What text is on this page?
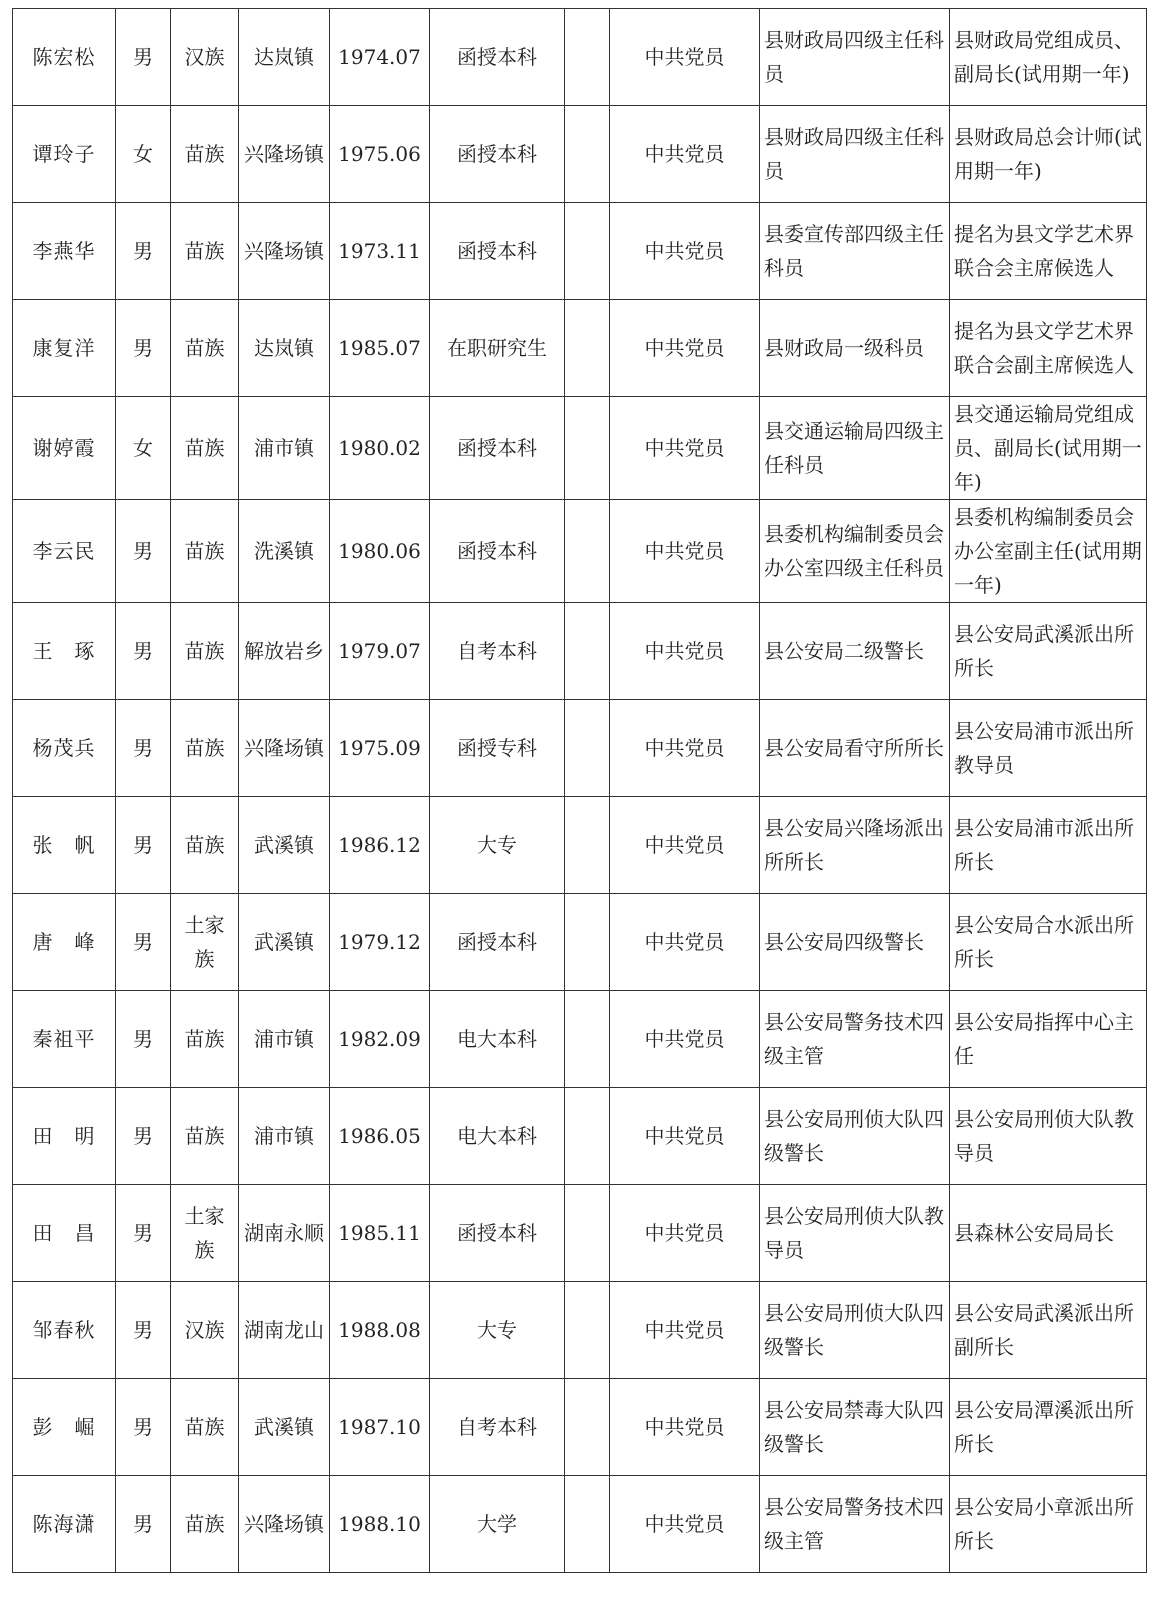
陈宏松	男	汉族	达岚镇	1974.07	函授本科		中共党员	县财政局四级主任科员	县财政局党组成员、副局长(试用期一年)
谭玲子	女	苗族	兴隆场镇	1975.06	函授本科		中共党员	县财政局四级主任科员	县财政局总会计师(试用期一年)
李燕华	男	苗族	兴隆场镇	1973.11	函授本科		中共党员	县委宣传部四级主任科员	提名为县文学艺术界联合会主席候选人
康复洋	男	苗族	达岚镇	1985.07	在职研究生		中共党员	县财政局一级科员	提名为县文学艺术界联合会副主席候选人
谢婷霞	女	苗族	浦市镇	1980.02	函授本科		中共党员	县交通运输局四级主任科员	县交通运输局党组成员、副局长(试用期一年)
李云民	男	苗族	洗溪镇	1980.06	函授本科		中共党员	县委机构编制委员会办公室四级主任科员	县委机构编制委员会办公室副主任(试用期一年)
王　琢	男	苗族	解放岩乡	1979.07	自考本科		中共党员	县公安局二级警长	县公安局武溪派出所所长
杨茂兵	男	苗族	兴隆场镇	1975.09	函授专科		中共党员	县公安局看守所所长	县公安局浦市派出所教导员
张　帆	男	苗族	武溪镇	1986.12	大专		中共党员	县公安局兴隆场派出所所长	县公安局浦市派出所所长
唐　峰	男	土家族	武溪镇	1979.12	函授本科		中共党员	县公安局四级警长	县公安局合水派出所所长
秦祖平	男	苗族	浦市镇	1982.09	电大本科		中共党员	县公安局警务技术四级主管	县公安局指挥中心主任
田　明	男	苗族	浦市镇	1986.05	电大本科		中共党员	县公安局刑侦大队四级警长	县公安局刑侦大队教导员
田　昌	男	土家族	湖南永顺	1985.11	函授本科		中共党员	县公安局刑侦大队教导员	县森林公安局局长
邹春秋	男	汉族	湖南龙山	1988.08	大专		中共党员	县公安局刑侦大队四级警长	县公安局武溪派出所副所长
彭　崛	男	苗族	武溪镇	1987.10	自考本科		中共党员	县公安局禁毒大队四级警长	县公安局潭溪派出所所长
陈海潇	男	苗族	兴隆场镇	1988.10	大学		中共党员	县公安局警务技术四级主管	县公安局小章派出所所长
